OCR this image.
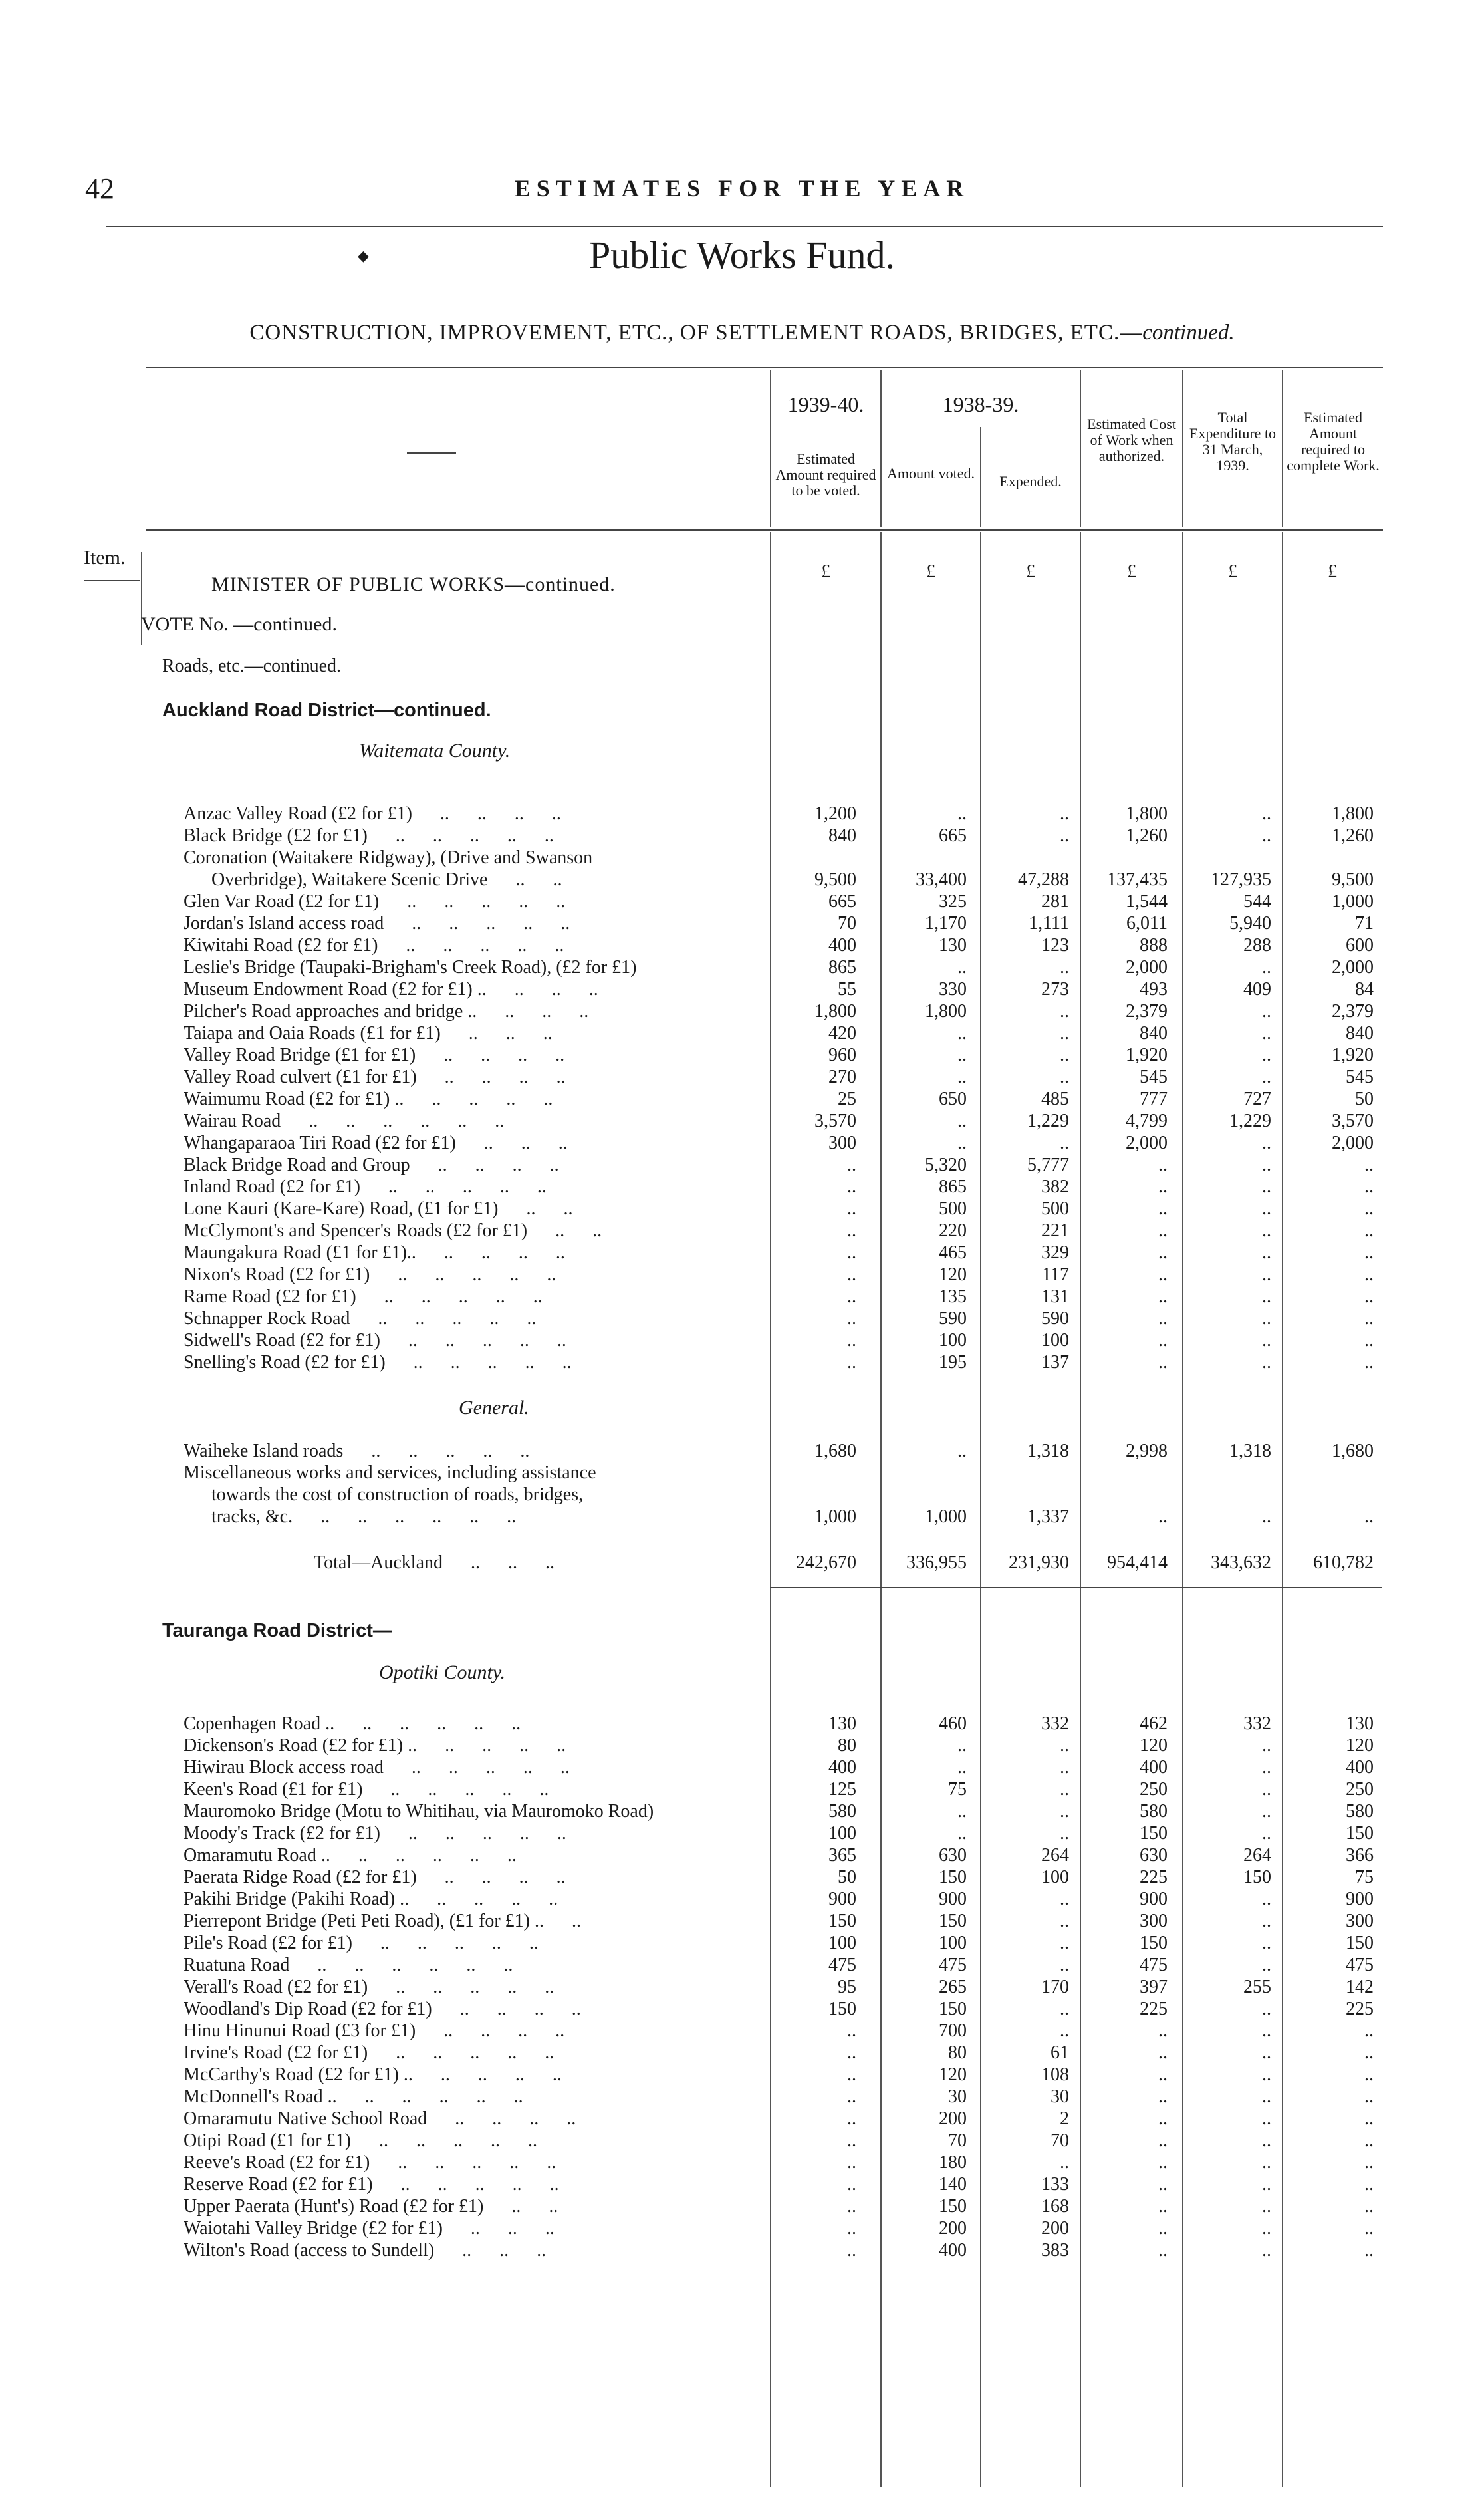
42	ESTIMATES FOR THE YEAR
◆	Public Works Fund.
CONSTRUCTION, IMPROVEMENT, ETC., OF SETTLEMENT ROADS, BRIDGES, ETC.—continued.
1939-40.	1938-39.
Estimated Amount required to be voted.
Amount voted.	Expended.
Estimated Cost of Work when authorized.
Total Expenditure to 31 March, 1939.
Estimated Amount required to complete Work.
£	£	£	£	£	£
Item.
MINISTER OF PUBLIC WORKS—continued.
VOTE No. —continued.
Roads, etc.—continued.
Auckland Road District—continued.
Waitemata County.
Anzac Valley Road (£2 for £1)      ..      ..      ..      ..	1,200	..	..	1,800	..	1,800
Black Bridge (£2 for £1)      ..      ..      ..      ..      ..	840	665	..	1,260	..	1,260
Coronation (Waitakere Ridgway), (Drive and Swanson
Overbridge), Waitakere Scenic Drive      ..      ..	9,500	33,400	47,288	137,435	127,935	9,500
Glen Var Road (£2 for £1)      ..      ..      ..      ..      ..	665	325	281	1,544	544	1,000
Jordan's Island access road      ..      ..      ..      ..      ..	70	1,170	1,111	6,011	5,940	71
Kiwitahi Road (£2 for £1)      ..      ..      ..      ..      ..	400	130	123	888	288	600
Leslie's Bridge (Taupaki-Brigham's Creek Road), (£2 for £1)	865	..	..	2,000	..	2,000
Museum Endowment Road (£2 for £1) ..      ..      ..      ..	55	330	273	493	409	84
Pilcher's Road approaches and bridge ..      ..      ..      ..	1,800	1,800	..	2,379	..	2,379
Taiapa and Oaia Roads (£1 for £1)      ..      ..      ..	420	..	..	840	..	840
Valley Road Bridge (£1 for £1)      ..      ..      ..      ..	960	..	..	1,920	..	1,920
Valley Road culvert (£1 for £1)      ..      ..      ..      ..	270	..	..	545	..	545
Waimumu Road (£2 for £1) ..      ..      ..      ..      ..	25	650	485	777	727	50
Wairau Road      ..      ..      ..      ..      ..      ..	3,570	..	1,229	4,799	1,229	3,570
Whangaparaoa Tiri Road (£2 for £1)      ..      ..      ..	300	..	..	2,000	..	2,000
Black Bridge Road and Group      ..      ..      ..      ..	..	5,320	5,777	..	..	..
Inland Road (£2 for £1)      ..      ..      ..      ..      ..	..	865	382	..	..	..
Lone Kauri (Kare-Kare) Road, (£1 for £1)      ..      ..	..	500	500	..	..	..
McClymont's and Spencer's Roads (£2 for £1)      ..      ..	..	220	221	..	..	..
Maungakura Road (£1 for £1)..      ..      ..      ..      ..	..	465	329	..	..	..
Nixon's Road (£2 for £1)      ..      ..      ..      ..      ..	..	120	117	..	..	..
Rame Road (£2 for £1)      ..      ..      ..      ..      ..	..	135	131	..	..	..
Schnapper Rock Road      ..      ..      ..      ..      ..	..	590	590	..	..	..
Sidwell's Road (£2 for £1)      ..      ..      ..      ..      ..	..	100	100	..	..	..
Snelling's Road (£2 for £1)      ..      ..      ..      ..      ..	..	195	137	..	..	..
General.
Waiheke Island roads      ..      ..      ..      ..      ..	1,680	..	1,318	2,998	1,318	1,680
Miscellaneous works and services, including assistance
towards the cost of construction of roads, bridges,
tracks, &c.      ..      ..      ..      ..      ..      ..	1,000	1,000	1,337	..	..	..
Total—Auckland      ..      ..      ..	242,670	336,955	231,930	954,414	343,632	610,782
Tauranga Road District—
Opotiki County.
Copenhagen Road ..      ..      ..      ..      ..      ..	130	460	332	462	332	130
Dickenson's Road (£2 for £1) ..      ..      ..      ..      ..	80	..	..	120	..	120
Hiwirau Block access road      ..      ..      ..      ..      ..	400	..	..	400	..	400
Keen's Road (£1 for £1)      ..      ..      ..      ..      ..	125	75	..	250	..	250
Mauromoko Bridge (Motu to Whitihau, via Mauromoko Road)	580	..	..	580	..	580
Moody's Track (£2 for £1)      ..      ..      ..      ..      ..	100	..	..	150	..	150
Omaramutu Road ..      ..      ..      ..      ..      ..	365	630	264	630	264	366
Paerata Ridge Road (£2 for £1)      ..      ..      ..      ..	50	150	100	225	150	75
Pakihi Bridge (Pakihi Road) ..      ..      ..      ..      ..	900	900	..	900	..	900
Pierrepont Bridge (Peti Peti Road), (£1 for £1) ..      ..	150	150	..	300	..	300
Pile's Road (£2 for £1)      ..      ..      ..      ..      ..	100	100	..	150	..	150
Ruatuna Road      ..      ..      ..      ..      ..      ..	475	475	..	475	..	475
Verall's Road (£2 for £1)      ..      ..      ..      ..      ..	95	265	170	397	255	142
Woodland's Dip Road (£2 for £1)      ..      ..      ..      ..	150	150	..	225	..	225
Hinu Hinunui Road (£3 for £1)      ..      ..      ..      ..	..	700	..	..	..	..
Irvine's Road (£2 for £1)      ..      ..      ..      ..      ..	..	80	61	..	..	..
McCarthy's Road (£2 for £1) ..      ..      ..      ..      ..	..	120	108	..	..	..
McDonnell's Road ..      ..      ..      ..      ..      ..	..	30	30	..	..	..
Omaramutu Native School Road      ..      ..      ..      ..	..	200	2	..	..	..
Otipi Road (£1 for £1)      ..      ..      ..      ..      ..	..	70	70	..	..	..
Reeve's Road (£2 for £1)      ..      ..      ..      ..      ..	..	180	..	..	..	..
Reserve Road (£2 for £1)      ..      ..      ..      ..      ..	..	140	133	..	..	..
Upper Paerata (Hunt's) Road (£2 for £1)      ..      ..	..	150	168	..	..	..
Waiotahi Valley Bridge (£2 for £1)      ..      ..      ..	..	200	200	..	..	..
Wilton's Road (access to Sundell)      ..      ..      ..	..	400	383	..	..	..
